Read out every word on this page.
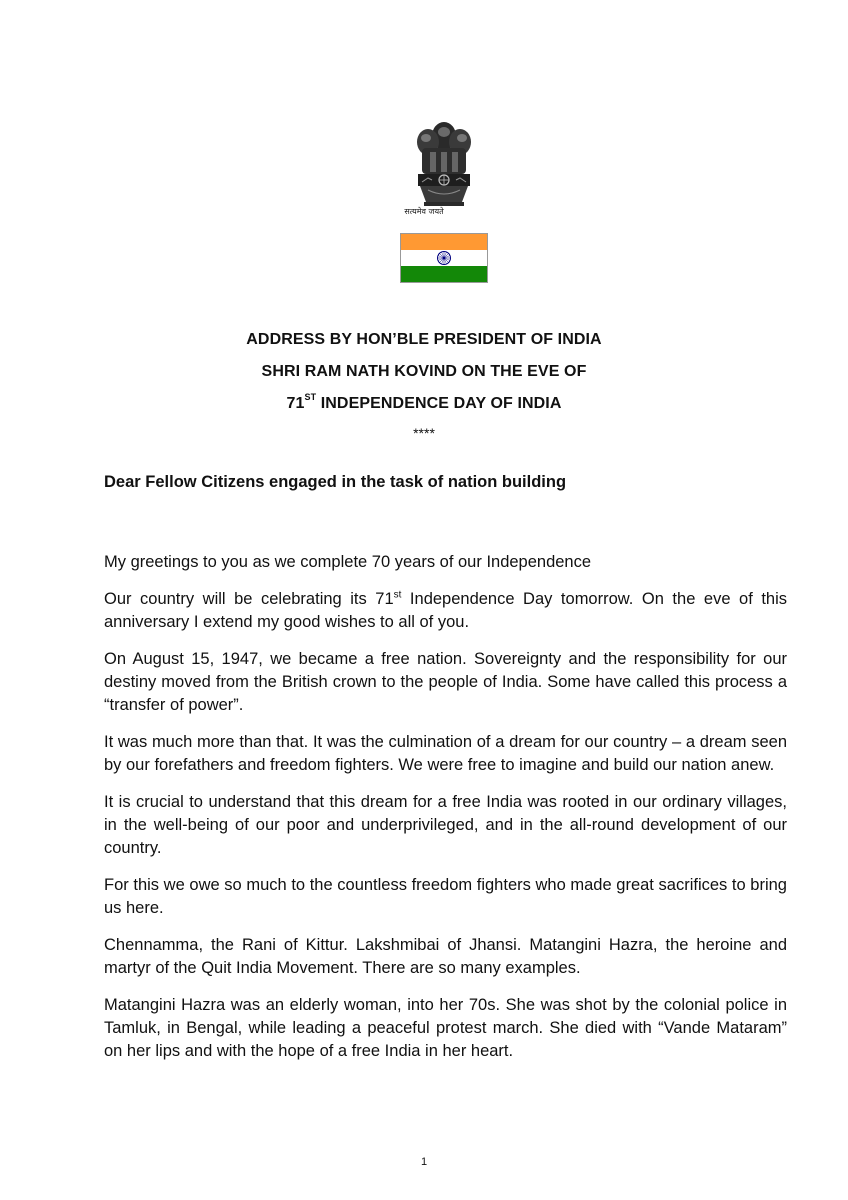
सत्यमेव जयते
ADDRESS BY HON’BLE PRESIDENT OF INDIA
SHRI RAM NATH KOVIND ON THE EVE OF
71ST INDEPENDENCE DAY OF INDIA
****
Dear Fellow Citizens engaged in the task of nation building

My greetings to you as we complete 70 years of our Independence

Our country will be celebrating its 71st Independence Day tomorrow. On the eve of this anniversary I extend my good wishes to all of you.

On August 15, 1947, we became a free nation. Sovereignty and the responsibility for our destiny moved from the British crown to the people of India. Some have called this process a “transfer of power”.

It was much more than that. It was the culmination of a dream for our country – a dream seen by our forefathers and freedom fighters. We were free to imagine and build our nation anew.

It is crucial to understand that this dream for a free India was rooted in our ordinary villages, in the well-being of our poor and underprivileged, and in the all-round development of our country.

For this we owe so much to the countless freedom fighters who made great sacrifices to bring us here.

Chennamma, the Rani of Kittur. Lakshmibai of Jhansi. Matangini Hazra, the heroine and martyr of the Quit India Movement. There are so many examples.

Matangini Hazra was an elderly woman, into her 70s. She was shot by the colonial police in Tamluk, in Bengal, while leading a peaceful protest march. She died with “Vande Mataram” on her lips and with the hope of a free India in her heart.

1
